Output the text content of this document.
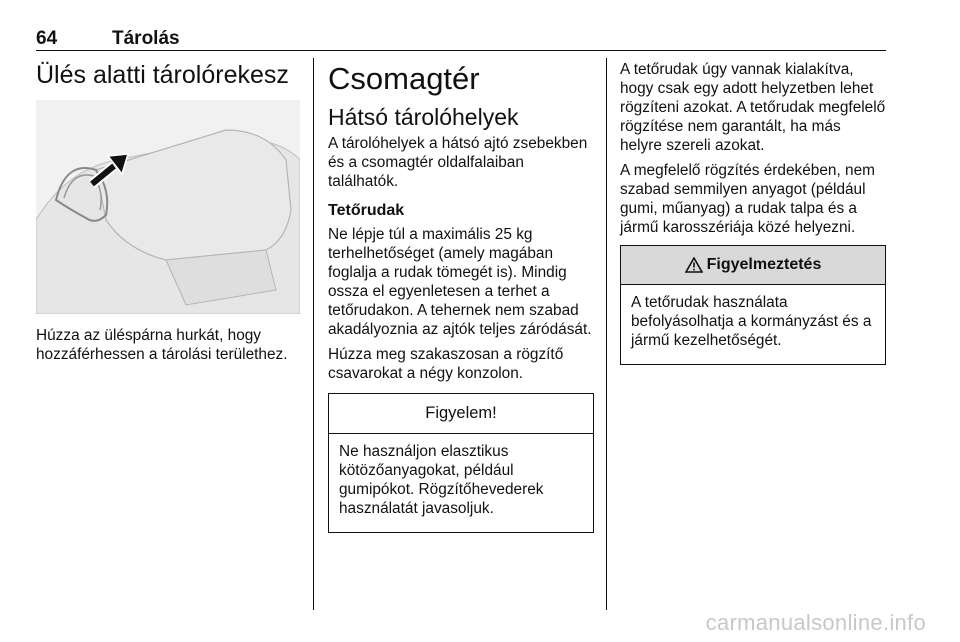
64	Tárolás
Ülés alatti tárolórekesz
Húzza az üléspárna hurkát, hogy hozzáférhessen a tárolási területhez.
Csomagtér
Hátsó tárolóhelyek
A tárolóhelyek a hátsó ajtó zsebekben és a csomagtér oldalfalaiban találhatók.
Tetőrudak
Ne lépje túl a maximális 25 kg terhelhetőséget (amely magában foglalja a rudak tömegét is). Mindig ossza el egyenletesen a terhet a tetőrudakon. A tehernek nem szabad akadályoznia az ajtók teljes záródását.
Húzza meg szakaszosan a rögzítő csavarokat a négy konzolon.
Figyelem!
Ne használjon elasztikus kötözőanyagokat, például gumipókot. Rögzítőhevederek használatát javasoljuk.
A tetőrudak úgy vannak kialakítva, hogy csak egy adott helyzetben lehet rögzíteni azokat. A tetőrudak megfelelő rögzítése nem garantált, ha más helyre szereli azokat.
A megfelelő rögzítés érdekében, nem szabad semmilyen anyagot (például gumi, műanyag) a rudak talpa és a jármű karosszériája közé helyezni.
Figyelmeztetés
A tetőrudak használata befolyásolhatja a kormányzást és a jármű kezelhetőségét.
carmanualsonline.info
